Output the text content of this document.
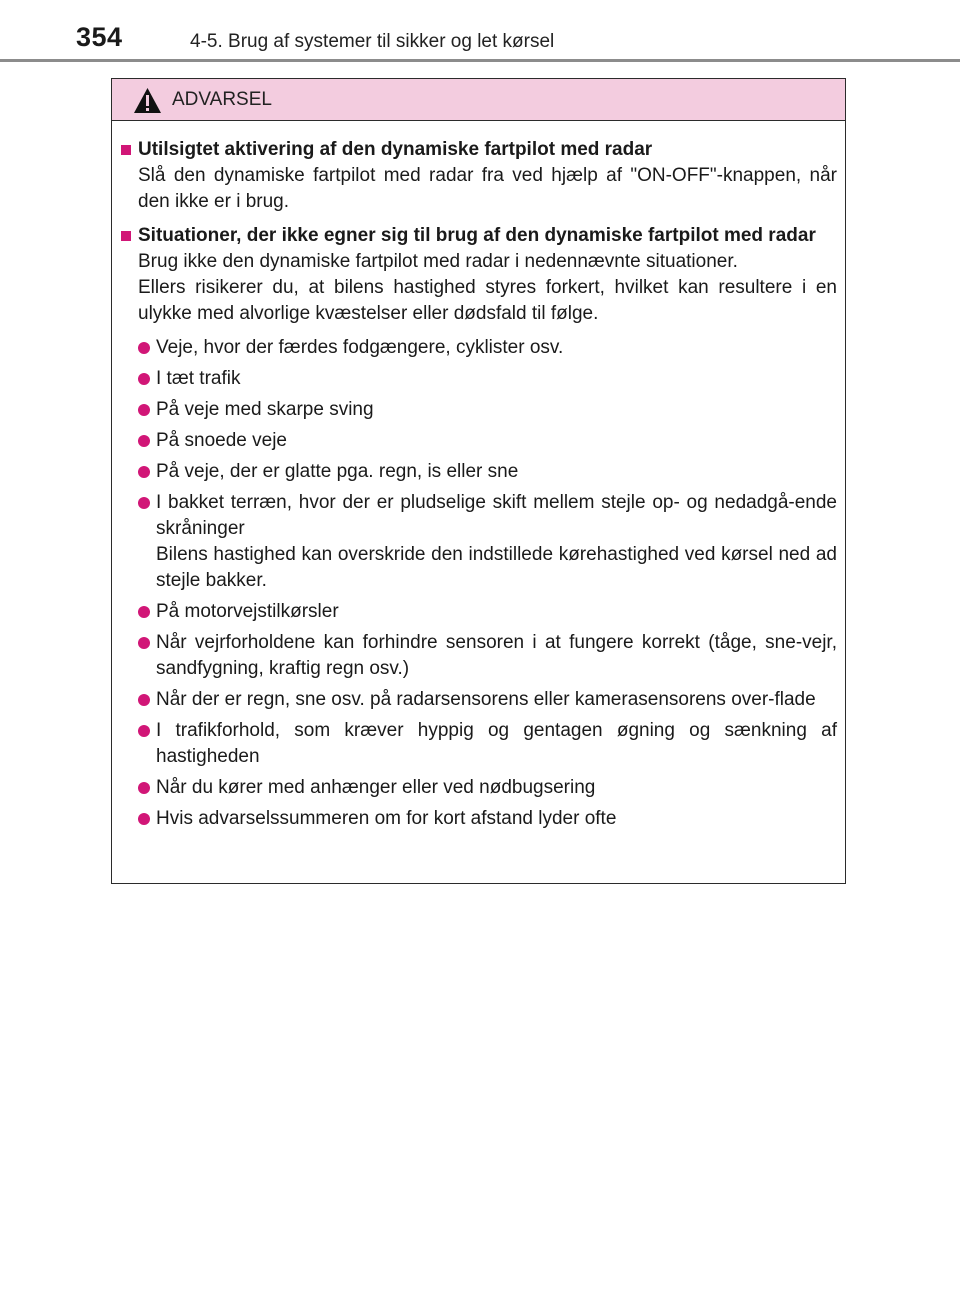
354	4-5. Brug af systemer til sikker og let kørsel
ADVARSEL
Utilsigtet aktivering af den dynamiske fartpilot med radar
Slå den dynamiske fartpilot med radar fra ved hjælp af "ON-OFF"-knappen, når den ikke er i brug.
Situationer, der ikke egner sig til brug af den dynamiske fartpilot med radar
Brug ikke den dynamiske fartpilot med radar i nedennævnte situationer.
Ellers risikerer du, at bilens hastighed styres forkert, hvilket kan resultere i en ulykke med alvorlige kvæstelser eller dødsfald til følge.
Veje, hvor der færdes fodgængere, cyklister osv.
I tæt trafik
På veje med skarpe sving
På snoede veje
På veje, der er glatte pga. regn, is eller sne
I bakket terræn, hvor der er pludselige skift mellem stejle op- og nedadgå-ende skråninger
Bilens hastighed kan overskride den indstillede kørehastighed ved kørsel ned ad stejle bakker.
På motorvejstilkørsler
Når vejrforholdene kan forhindre sensoren i at fungere korrekt (tåge, sne-vejr, sandfygning, kraftig regn osv.)
Når der er regn, sne osv. på radarsensorens eller kamerasensorens over-flade
I trafikforhold, som kræver hyppig og gentagen øgning og sænkning af hastigheden
Når du kører med anhænger eller ved nødbugsering
Hvis advarselssummeren om for kort afstand lyder ofte
